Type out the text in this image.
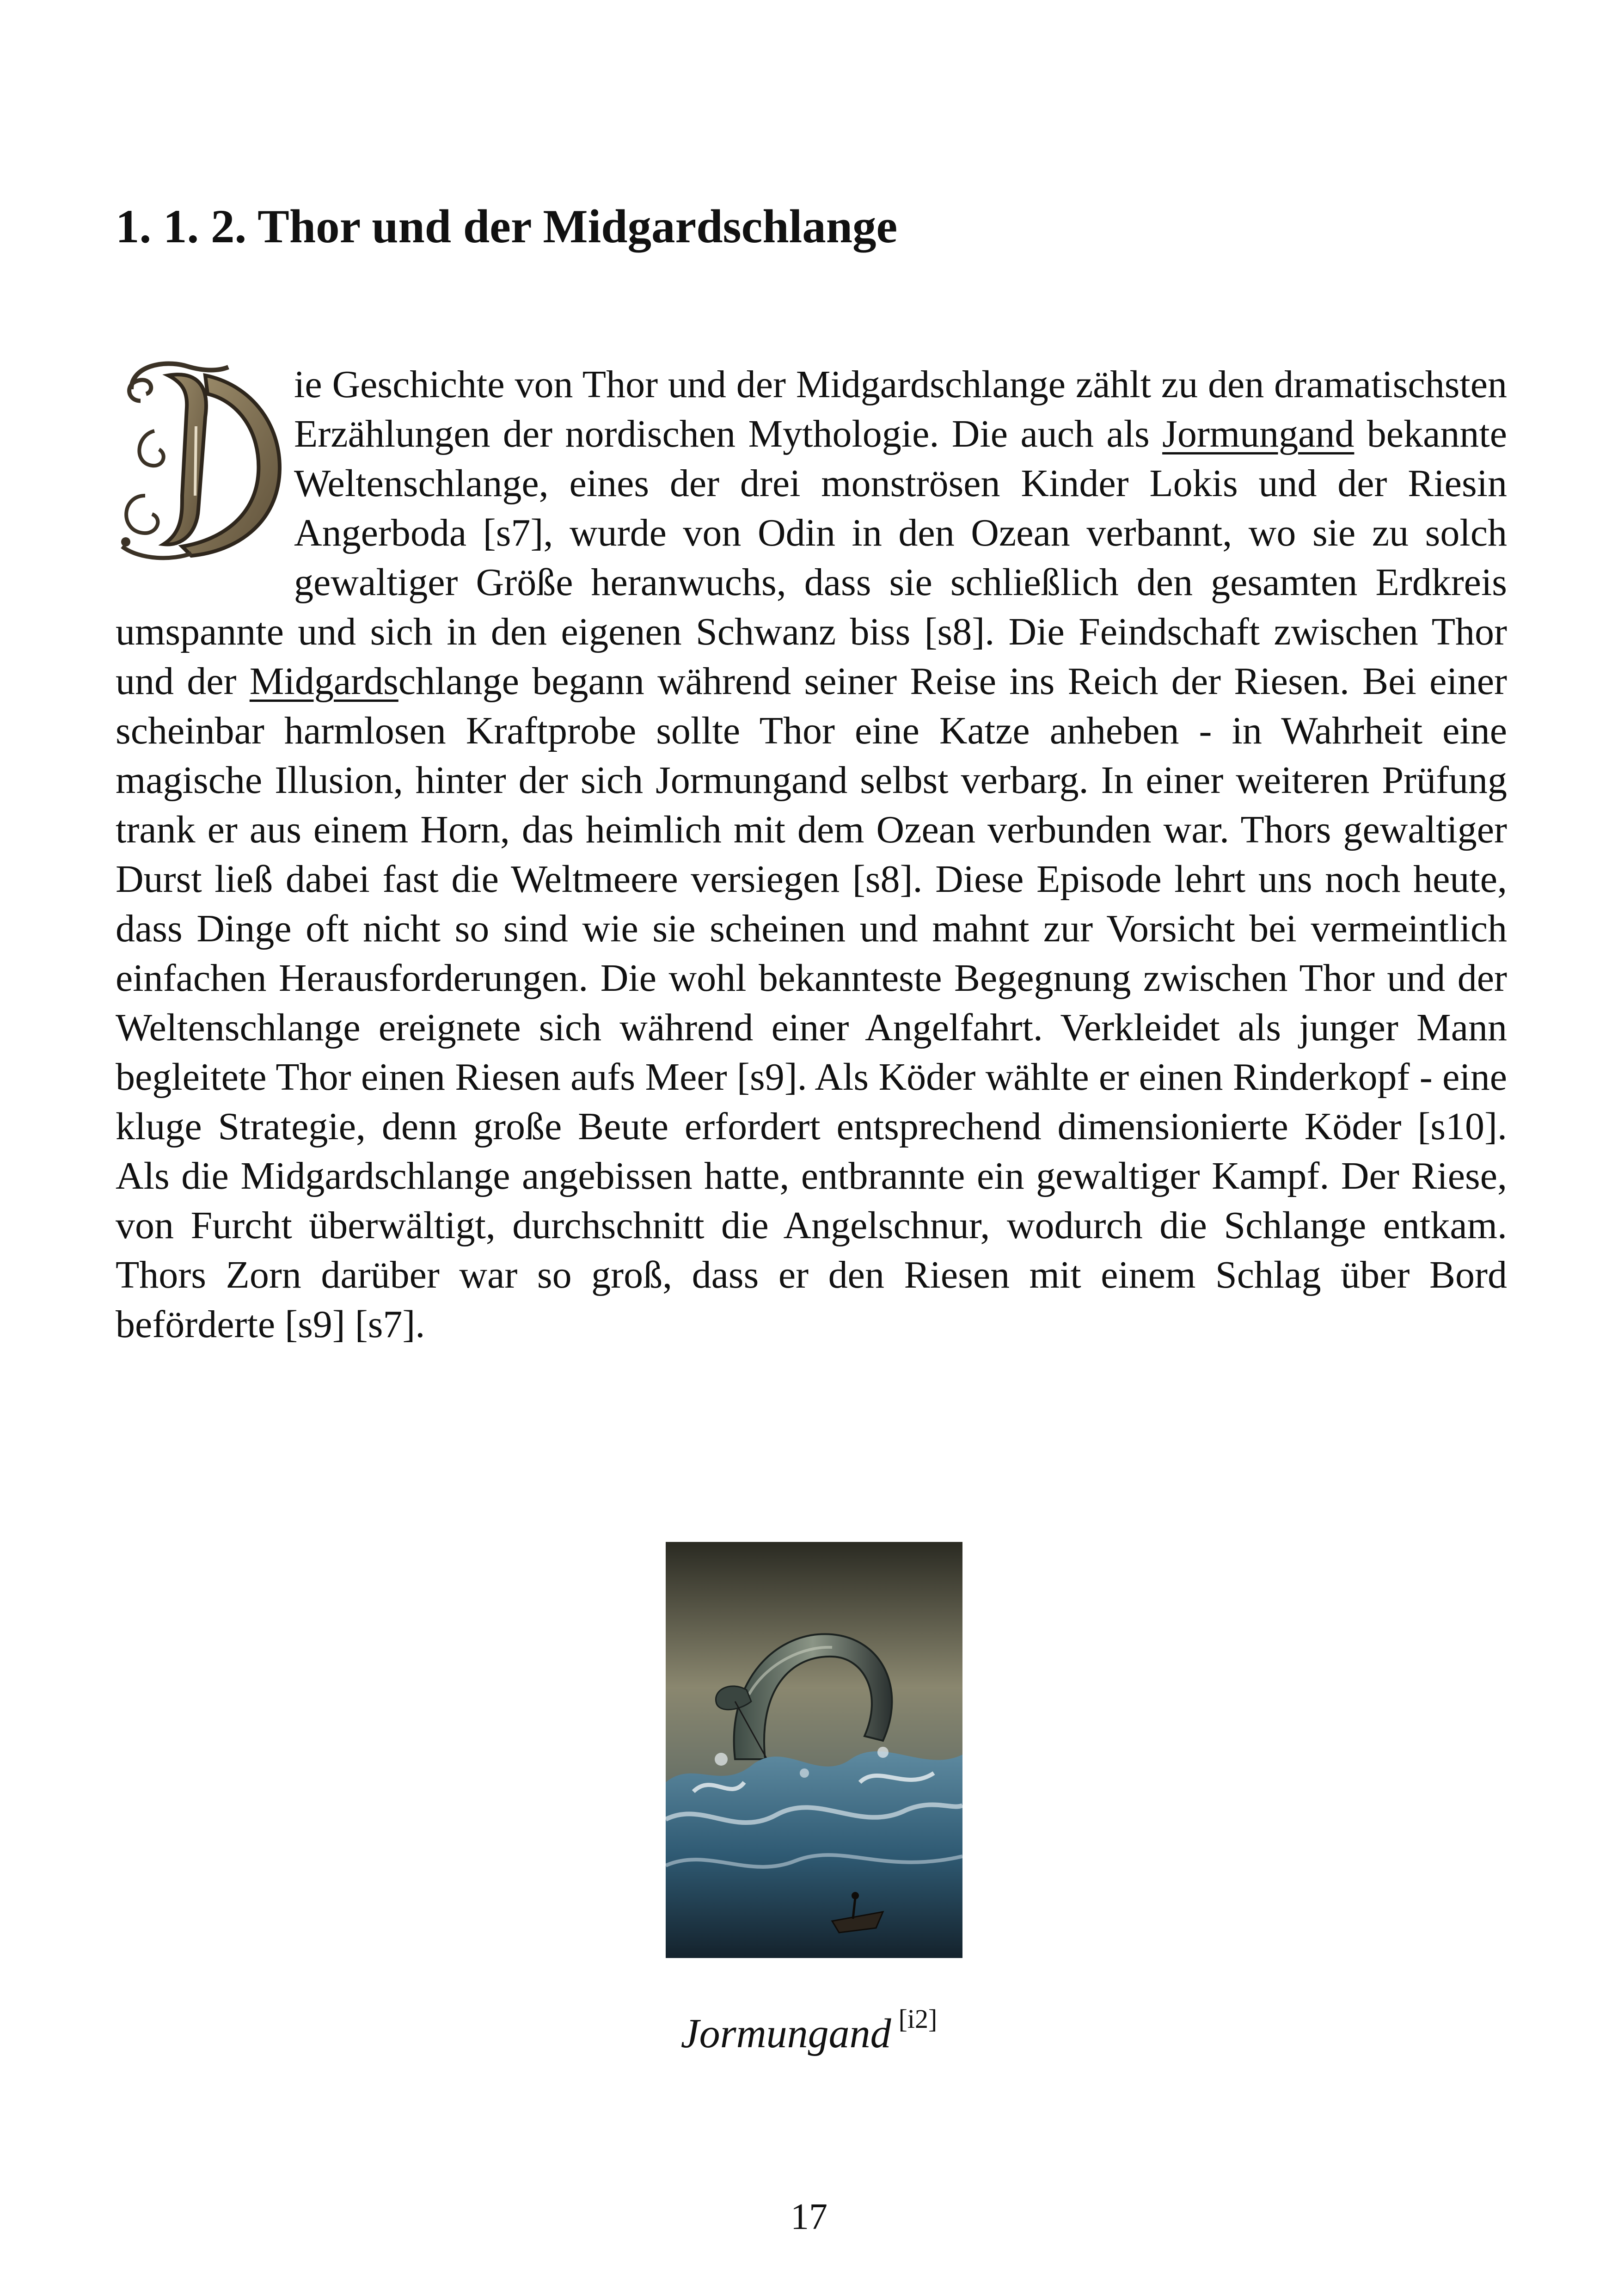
1. 1. 2. Thor und der Midgardschlange

ie Geschichte von Thor und der Midgardschlange zählt zu den dramatischsten Erzählungen der nordischen Mythologie. Die auch als Jormungand bekannte Weltenschlange, eines der drei monströsen Kinder Lokis und der Riesin Angerboda [s7], wurde von Odin in den Ozean verbannt, wo sie zu solch gewaltiger Größe heranwuchs, dass sie schließlich den gesamten Erdkreis umspannte und sich in den eigenen Schwanz biss [s8]. Die Feindschaft zwischen Thor und der Midgardschlange begann während seiner Reise ins Reich der Riesen. Bei einer scheinbar harmlosen Kraftprobe sollte Thor eine Katze anheben - in Wahrheit eine magische Illusion, hinter der sich Jormungand selbst verbarg. In einer weiteren Prüfung trank er aus einem Horn, das heimlich mit dem Ozean verbunden war. Thors gewaltiger Durst ließ dabei fast die Weltmeere versiegen [s8]. Diese Episode lehrt uns noch heute, dass Dinge oft nicht so sind wie sie scheinen und mahnt zur Vorsicht bei vermeintlich einfachen Herausforderungen. Die wohl bekannteste Begegnung zwischen Thor und der Weltenschlange ereignete sich während einer Angelfahrt. Verkleidet als junger Mann begleitete Thor einen Riesen aufs Meer [s9]. Als Köder wählte er einen Rinderkopf - eine kluge Strategie, denn große Beute erfordert entsprechend dimensionierte Köder [s10]. Als die Midgardschlange angebissen hatte, entbrannte ein gewaltiger Kampf. Der Riese, von Furcht überwältigt, durchschnitt die Angelschnur, wodurch die Schlange entkam. Thors Zorn darüber war so groß, dass er den Riesen mit einem Schlag über Bord beförderte [s9] [s7].

Jormungand [i2]
17
